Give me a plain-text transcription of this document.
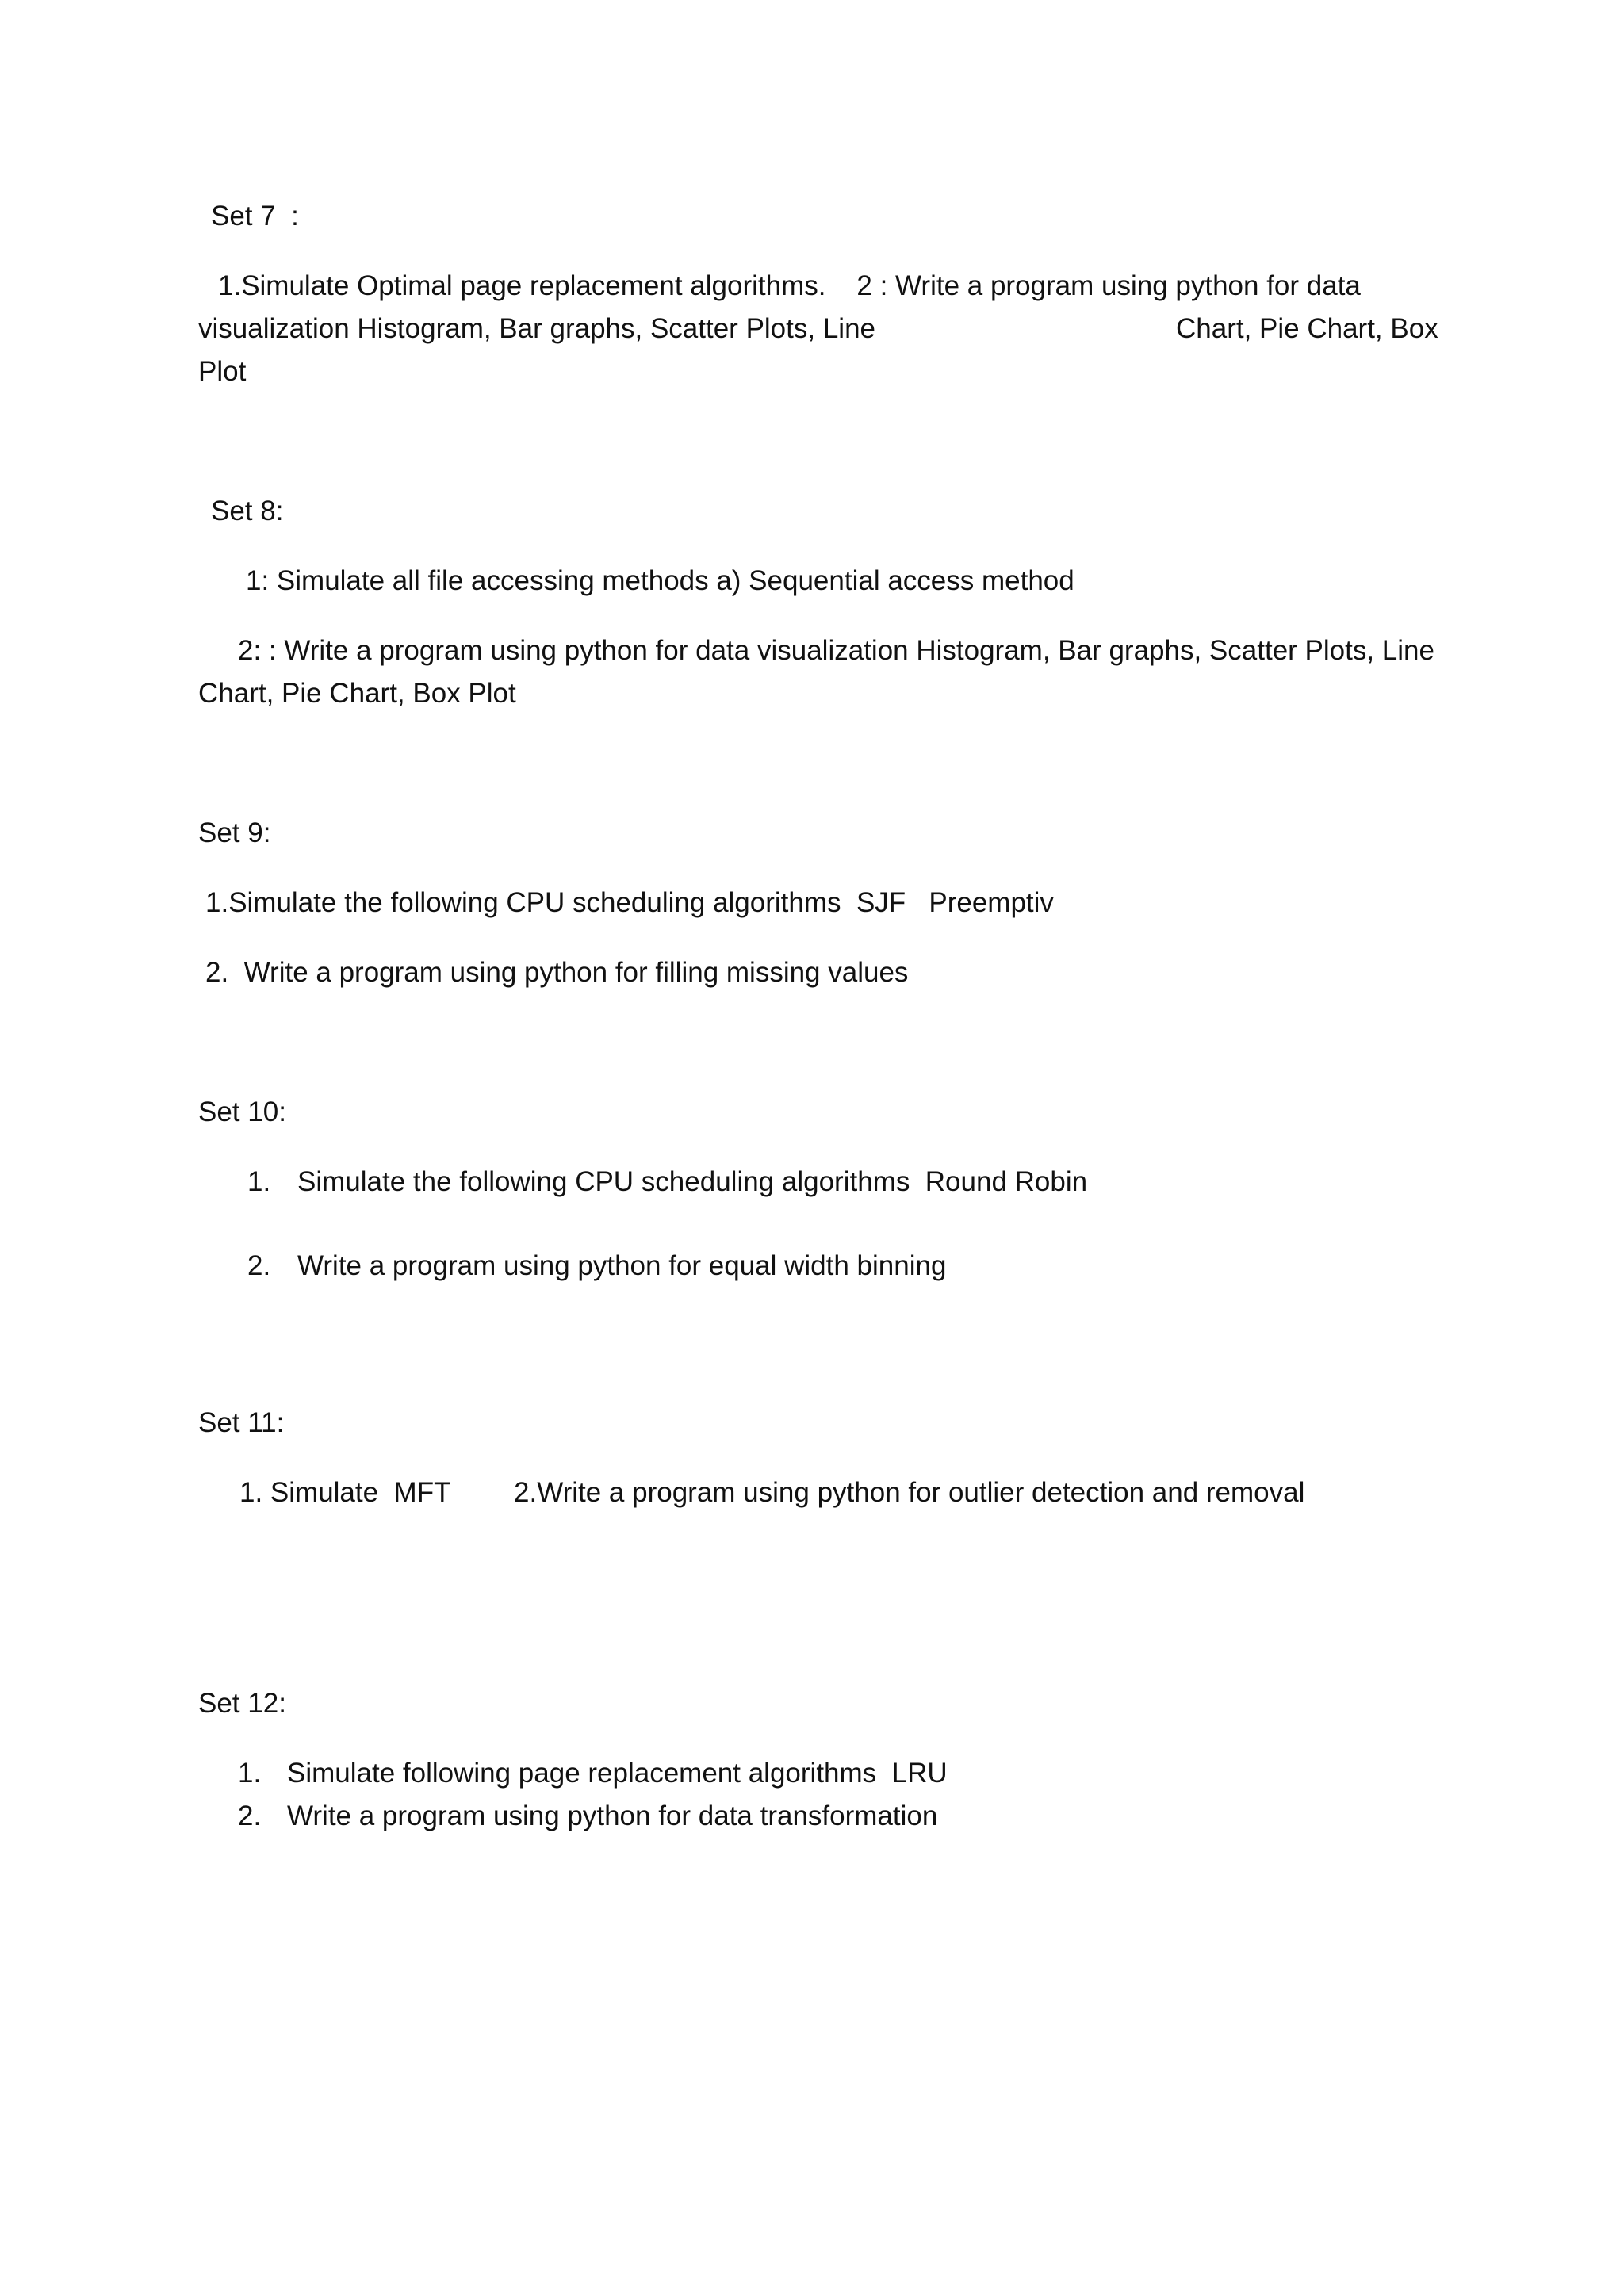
Set 7  :
1.Simulate Optimal page replacement algorithms.    2 : Write a program using python for data
visualization Histogram, Bar graphs, Scatter Plots, Line	Chart, Pie Chart, Box
Plot
Set 8:
1: Simulate all file accessing methods a) Sequential access method
2: : Write a program using python for data visualization Histogram, Bar graphs, Scatter Plots, Line
Chart, Pie Chart, Box Plot
Set 9:
1.Simulate the following CPU scheduling algorithms  SJF   Preemptiv
2.  Write a program using python for filling missing values
Set 10:
1. Simulate the following CPU scheduling algorithms  Round Robin
2. Write a program using python for equal width binning
Set 11:
1. Simulate  MFT 2.Write a program using python for outlier detection and removal
Set 12:
1. Simulate following page replacement algorithms  LRU
2. Write a program using python for data transformation
